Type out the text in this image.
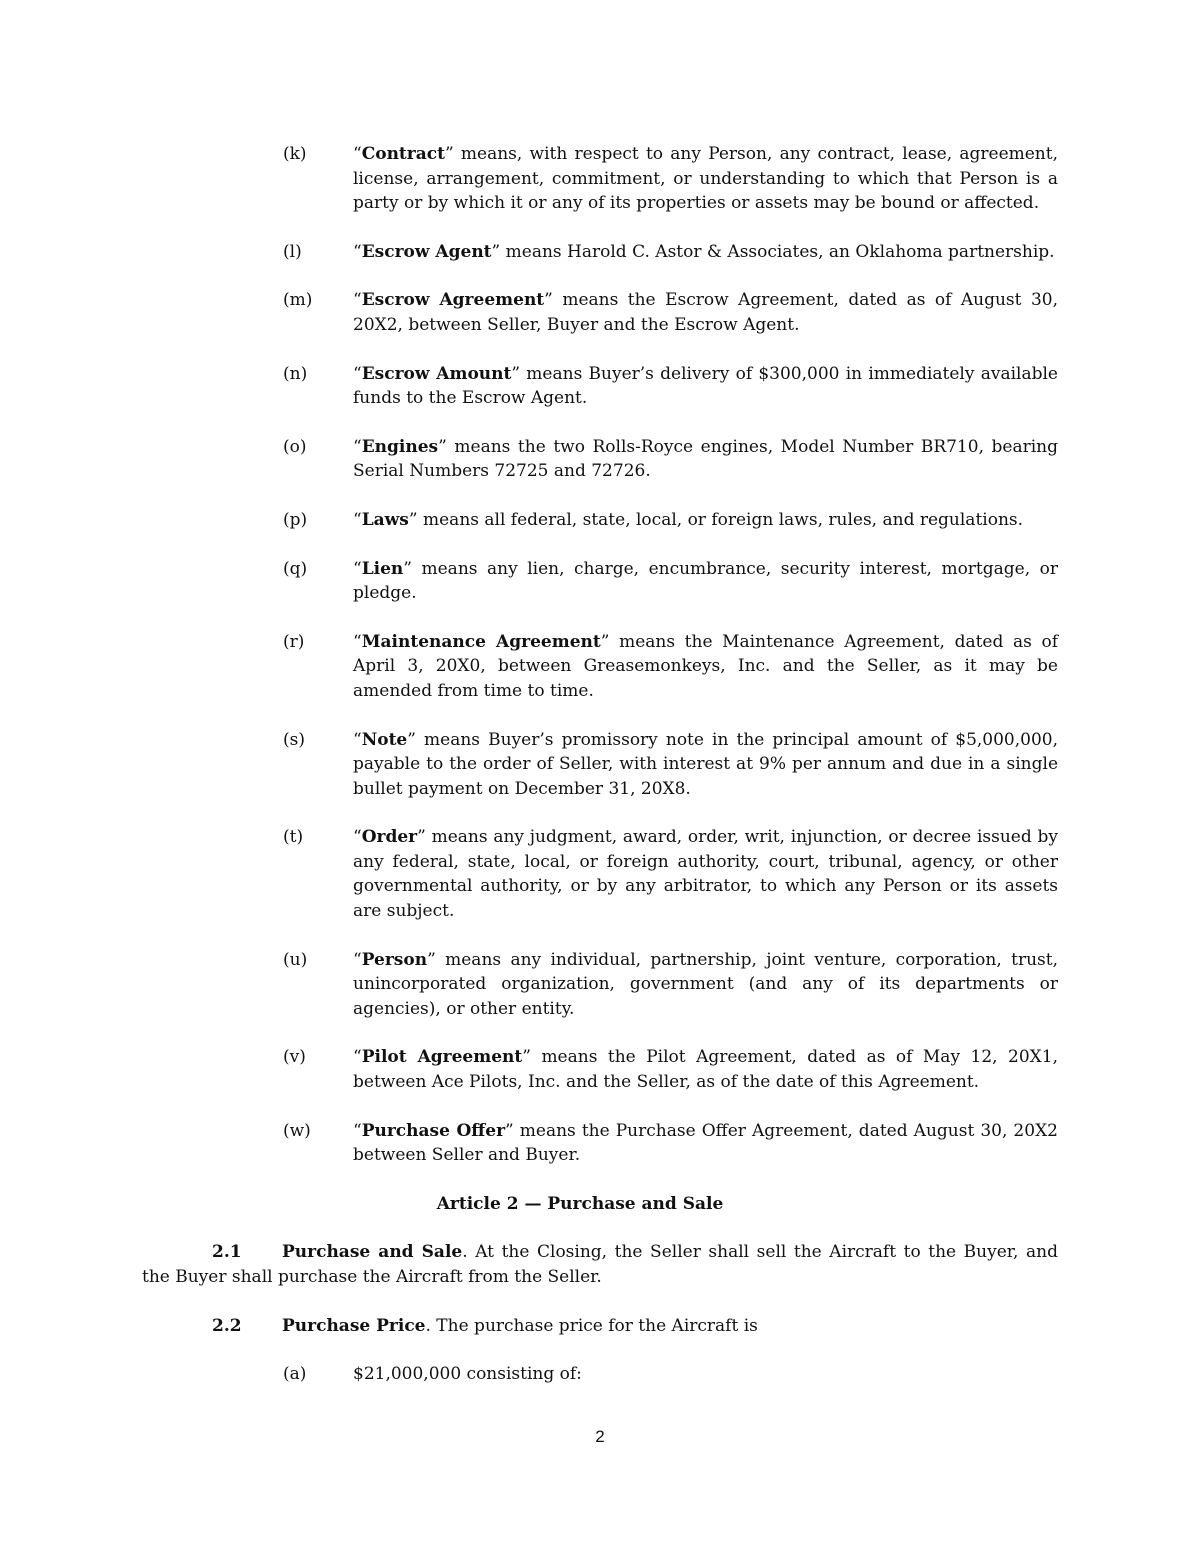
(k)	“Contract” means, with respect to any Person, any contract, lease, agreement, license, arrangement, commitment, or understanding to which that Person is a party or by which it or any of its properties or assets may be bound or affected.
(l)	“Escrow Agent” means Harold C. Astor & Associates, an Oklahoma partnership.
(m) “Escrow Agreement” means the Escrow Agreement, dated as of August 30, 20X2, between Seller, Buyer and the Escrow Agent.
(n)	“Escrow Amount” means Buyer’s delivery of $300,000 in immediately available funds to the Escrow Agent.
(o)	“Engines” means the two Rolls-Royce engines, Model Number BR710, bearing Serial Numbers 72725 and 72726.
(p)	“Laws” means all federal, state, local, or foreign laws, rules, and regulations.
(q)	“Lien” means any lien, charge, encumbrance, security interest, mortgage, or pledge.
(r)	“Maintenance Agreement” means the Maintenance Agreement, dated as of April 3, 20X0, between Greasemonkeys, Inc. and the Seller, as it may be amended from time to time.
(s)	“Note” means Buyer’s promissory note in the principal amount of $5,000,000, payable to the order of Seller, with interest at 9% per annum and due in a single bullet payment on December 31, 20X8.
(t)	“Order” means any judgment, award, order, writ, injunction, or decree issued by any federal, state, local, or foreign authority, court, tribunal, agency, or other governmental authority, or by any arbitrator, to which any Person or its assets are subject.
(u)	“Person” means any individual, partnership, joint venture, corporation, trust, unincorporated organization, government (and any of its departments or agencies), or other entity.
(v)	“Pilot Agreement” means the Pilot Agreement, dated as of May 12, 20X1, between Ace Pilots, Inc. and the Seller, as of the date of this Agreement.
(w) “Purchase Offer” means the Purchase Offer Agreement, dated August 30, 20X2 between Seller and Buyer.
Article 2 — Purchase and Sale
2.1 Purchase and Sale. At the Closing, the Seller shall sell the Aircraft to the Buyer, and the Buyer shall purchase the Aircraft from the Seller.
2.2 Purchase Price. The purchase price for the Aircraft is
(a)	$21,000,000 consisting of:
2
